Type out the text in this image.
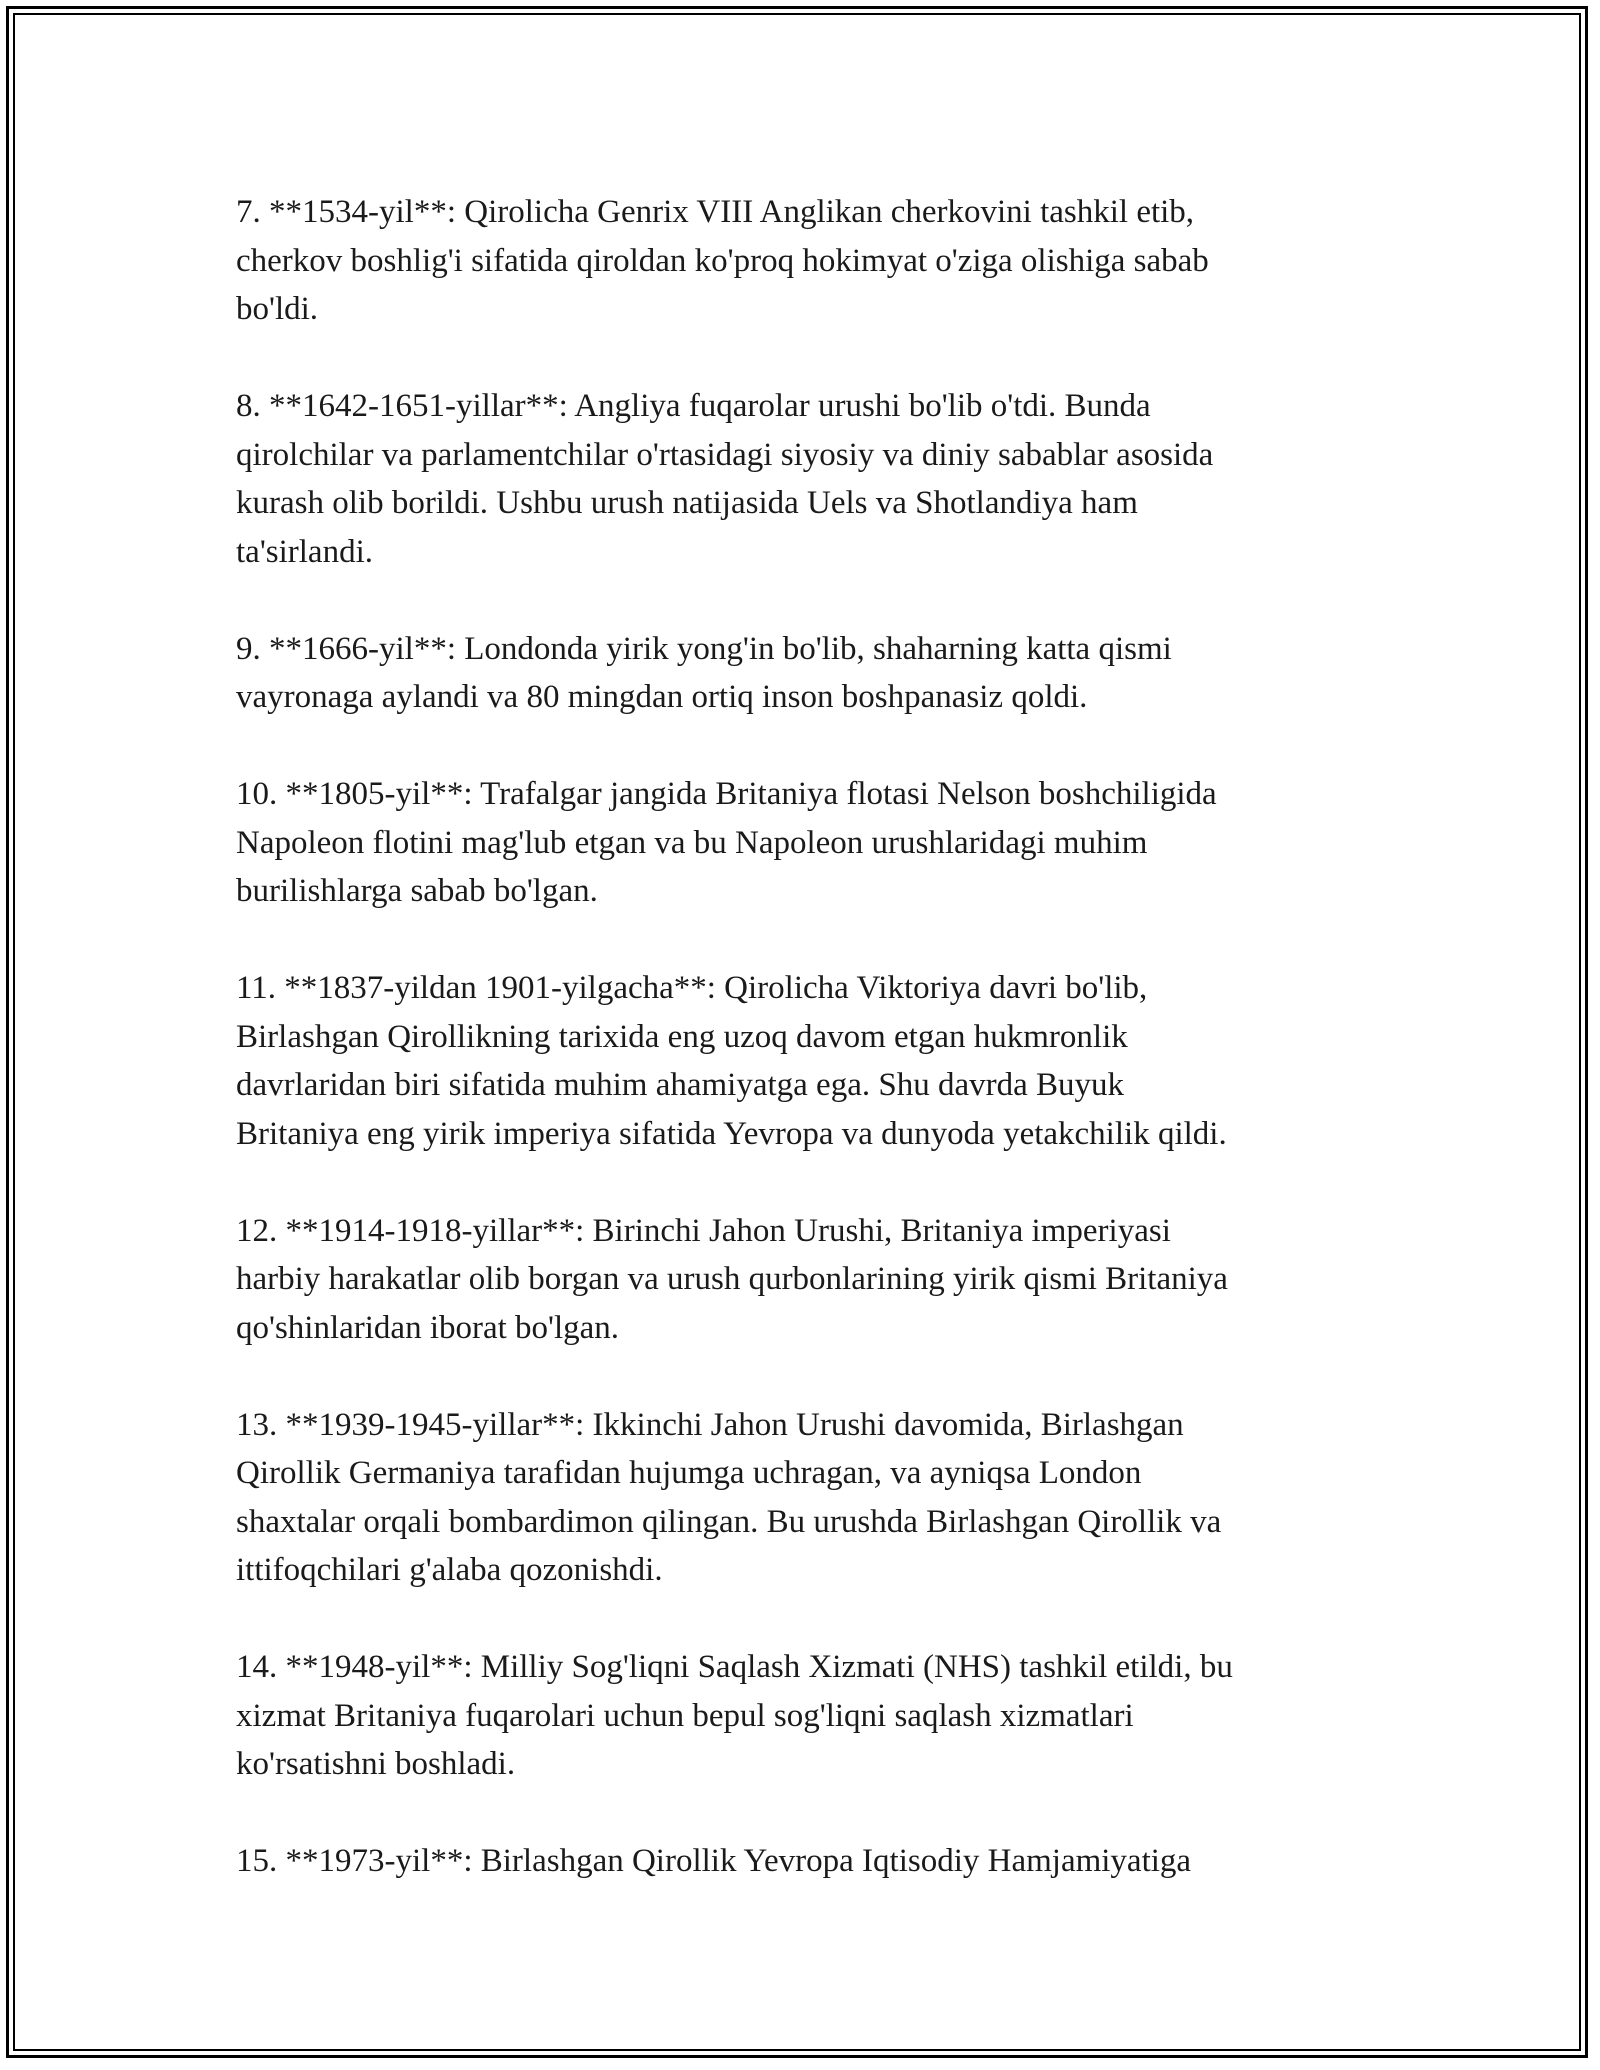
7. **1534-yil**: Qirolicha Genrix VIII Anglikan cherkovini tashkil etib,
cherkov boshlig'i sifatida qiroldan ko'proq hokimyat o'ziga olishiga sabab
bo'ldi.

8. **1642-1651-yillar**: Angliya fuqarolar urushi bo'lib o'tdi. Bunda
qirolchilar va parlamentchilar o'rtasidagi siyosiy va diniy sabablar asosida
kurash olib borildi. Ushbu urush natijasida Uels va Shotlandiya ham
ta'sirlandi.

9. **1666-yil**: Londonda yirik yong'in bo'lib, shaharning katta qismi
vayronaga aylandi va 80 mingdan ortiq inson boshpanasiz qoldi.

10. **1805-yil**: Trafalgar jangida Britaniya flotasi Nelson boshchiligida
Napoleon flotini mag'lub etgan va bu Napoleon urushlaridagi muhim
burilishlarga sabab bo'lgan.

11. **1837-yildan 1901-yilgacha**: Qirolicha Viktoriya davri bo'lib,
Birlashgan Qirollikning tarixida eng uzoq davom etgan hukmronlik
davrlaridan biri sifatida muhim ahamiyatga ega. Shu davrda Buyuk
Britaniya eng yirik imperiya sifatida Yevropa va dunyoda yetakchilik qildi.

12. **1914-1918-yillar**: Birinchi Jahon Urushi, Britaniya imperiyasi
harbiy harakatlar olib borgan va urush qurbonlarining yirik qismi Britaniya
qo'shinlaridan iborat bo'lgan.

13. **1939-1945-yillar**: Ikkinchi Jahon Urushi davomida, Birlashgan
Qirollik Germaniya tarafidan hujumga uchragan, va ayniqsa London
shaxtalar orqali bombardimon qilingan. Bu urushda Birlashgan Qirollik va
ittifoqchilari g'alaba qozonishdi.

14. **1948-yil**: Milliy Sog'liqni Saqlash Xizmati (NHS) tashkil etildi, bu
xizmat Britaniya fuqarolari uchun bepul sog'liqni saqlash xizmatlari
ko'rsatishni boshladi.

15. **1973-yil**: Birlashgan Qirollik Yevropa Iqtisodiy Hamjamiyatiga
